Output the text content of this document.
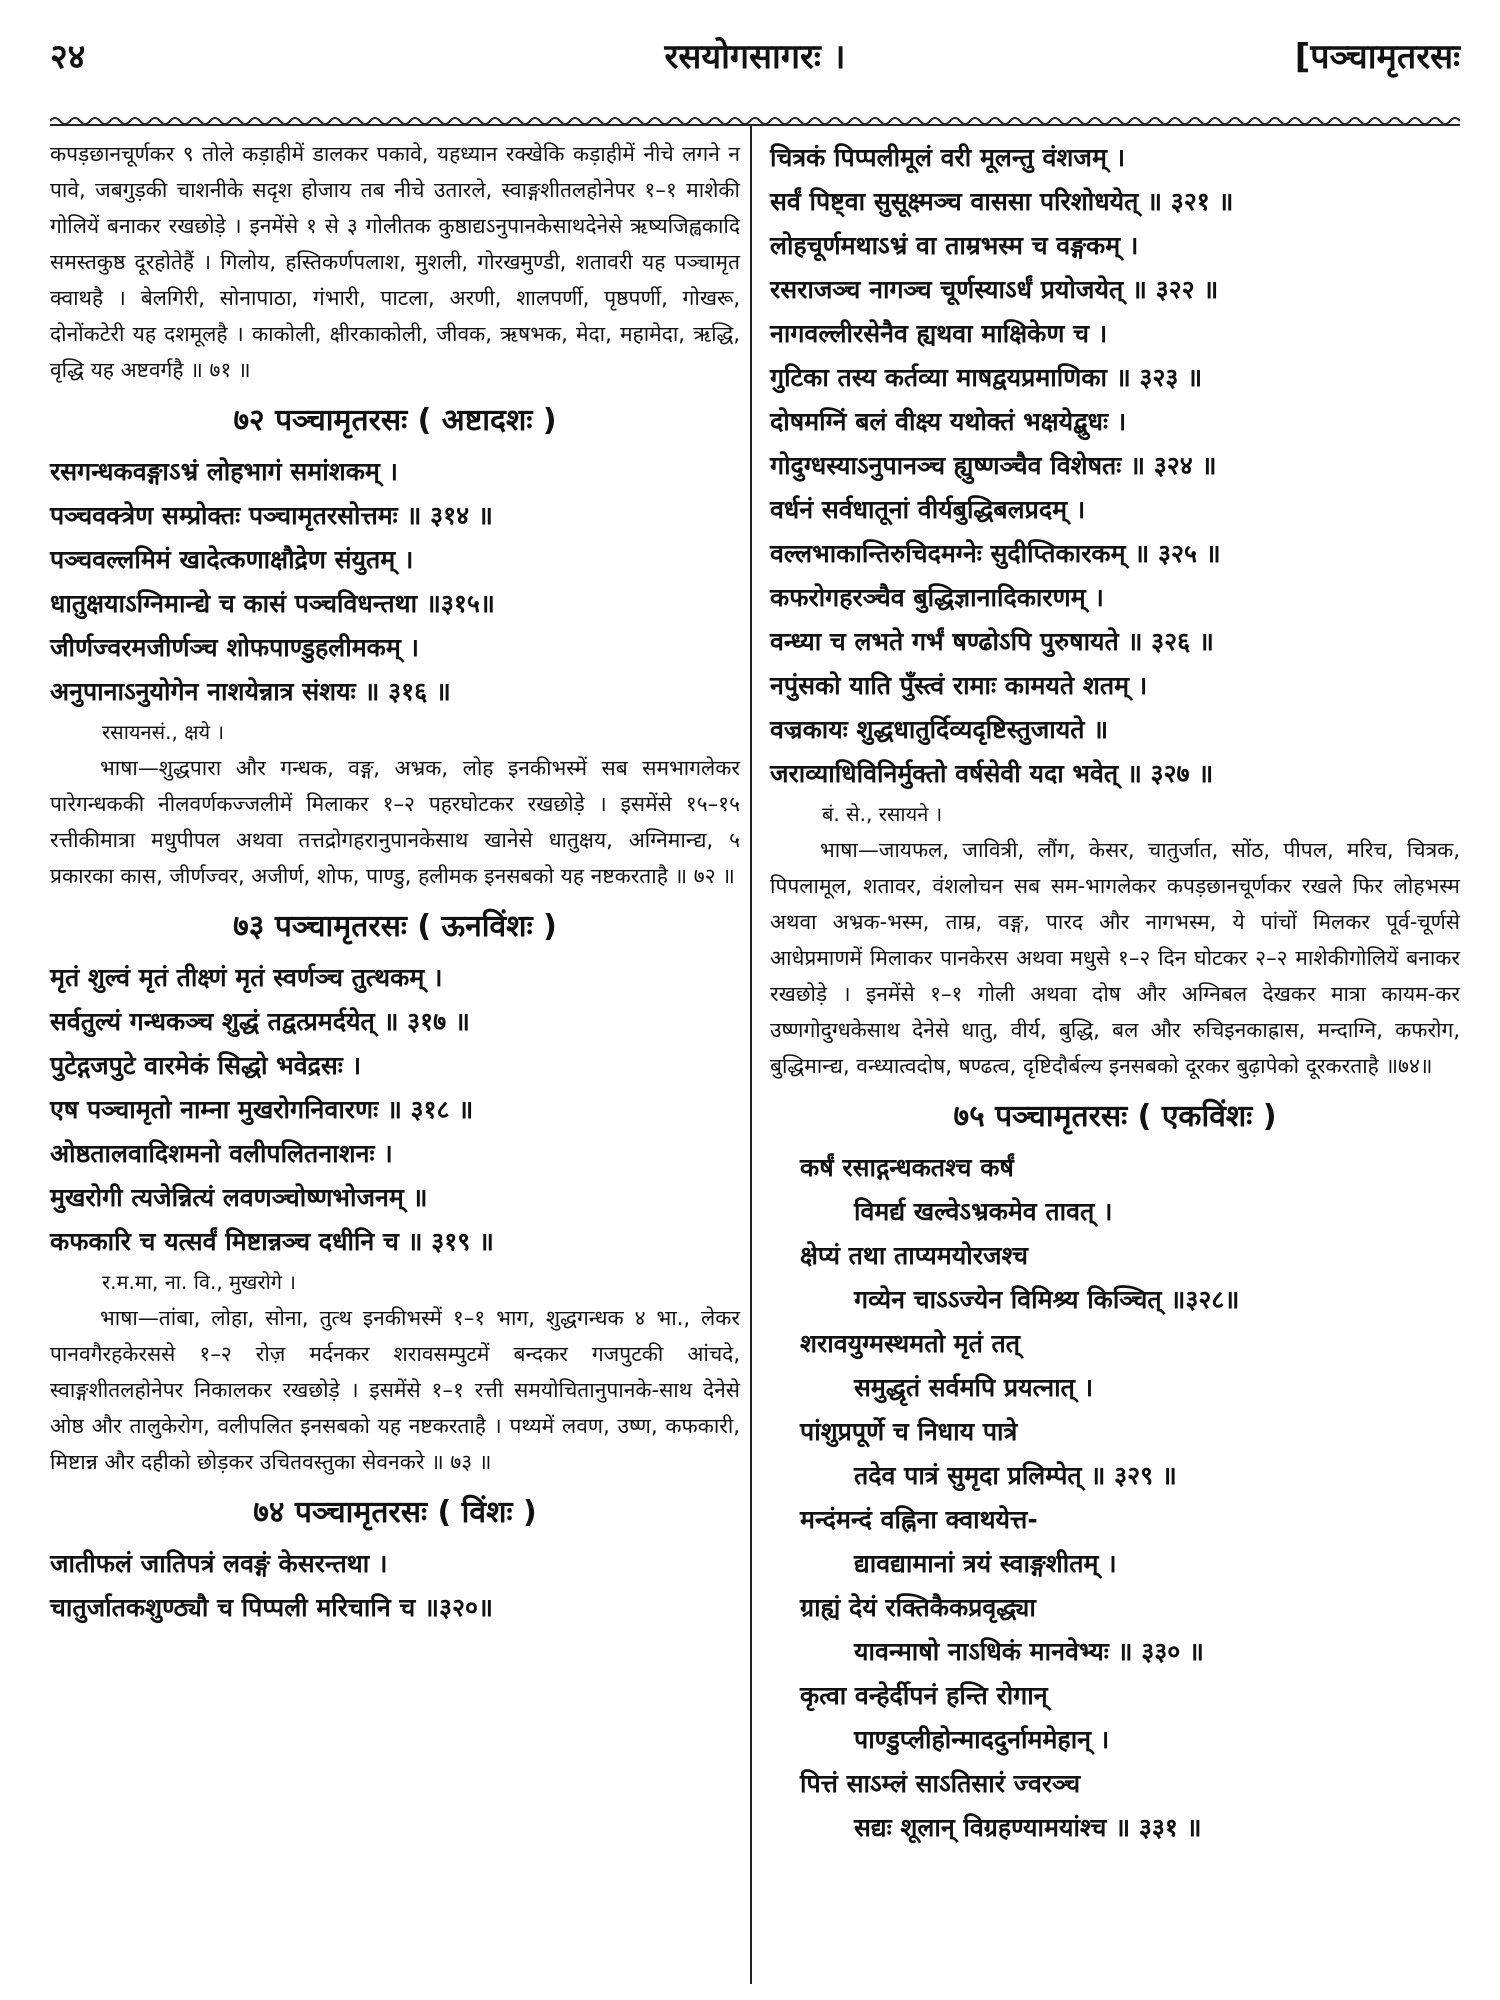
२४	रसयोगसागरः ।	[पञ्चामृतरसः

कपड़छानचूर्णकर ९ तोले कड़ाहीमें डालकर पकावे, यहध्यान रक्खेकि कड़ाहीमें नीचे लगने न पावे, जबगुड़की चाशनीके सदृश होजाय तब नीचे उतारले, स्वाङ्गशीतलहोनेपर १–१ माशेकी गोलियें बनाकर रखछोड़े । इनमेंसे १ से ३ गोलीतक कुष्ठाद्यऽनुपानकेसाथदेनेसे ऋष्यजिह्वकादि समस्तकुष्ठ दूरहोतेहैं । गिलोय, हस्तिकर्णपलाश, मुशली, गोरखमुण्डी, शतावरी यह पञ्चामृत क्वाथहै । बेलगिरी, सोनापाठा, गंभारी, पाटला, अरणी, शालपर्णी, पृष्ठपर्णी, गोखरू, दोनोंकटेरी यह दशमूलहै । काकोली, क्षीरकाकोली, जीवक, ऋषभक, मेदा, महामेदा, ऋद्धि, वृद्धि यह अष्टवर्गहै ॥ ७१ ॥

७२ पञ्चामृतरसः ( अष्टादशः )

रसगन्धकवङ्गाऽभ्रं लोहभागं समांशकम् ।

पञ्चवक्त्रेण सम्प्रोक्तः पञ्चामृतरसोत्तमः ॥ ३१४ ॥

पञ्चवल्लमिमं खादेत्कणाक्षौद्रेण संयुतम् ।

धातुक्षयाऽग्निमान्द्ये च कासं पञ्चविधन्तथा ॥३१५॥

जीर्णज्वरमजीर्णञ्च शोफपाण्डुहलीमकम् ।

अनुपानाऽनुयोगेन नाशयेन्नात्र संशयः ॥ ३१६ ॥

रसायनसं., क्षये ।

भाषा—शुद्धपारा और गन्धक, वङ्ग, अभ्रक, लोह इनकीभस्में सब समभागलेकर पारेगन्धककी नीलवर्णकज्जलीमें मिलाकर १–२ पहरघोटकर रखछोड़े । इसमेंसे १५–१५ रत्तीकीमात्रा मधुपीपल अथवा तत्तद्रोगहरानुपानकेसाथ खानेसे धातुक्षय, अग्निमान्द्य, ५ प्रकारका कास, जीर्णज्वर, अजीर्ण, शोफ, पाण्डु, हलीमक इनसबको यह नष्टकरताहै ॥ ७२ ॥

७३ पञ्चामृतरसः ( ऊनविंशः )

मृतं शुल्वं मृतं तीक्ष्णं मृतं स्वर्णञ्च तुत्थकम् ।

सर्वतुल्यं गन्धकञ्च शुद्धं तद्वत्प्रमर्दयेत् ॥ ३१७ ॥

पुटेद्गजपुटे वारमेकं सिद्धो भवेद्रसः ।

एष पञ्चामृतो नाम्ना मुखरोगनिवारणः ॥ ३१८ ॥

ओष्ठतालवादिशमनो वलीपलितनाशनः ।

मुखरोगी त्यजेन्नित्यं लवणञ्चोष्णभोजनम् ॥

कफकारि च यत्सर्वं मिष्टान्नञ्च दधीनि च ॥ ३१९ ॥

र.म.मा, ना. वि., मुखरोगे ।

भाषा—तांबा, लोहा, सोना, तुत्थ इनकीभस्में १–१ भाग, शुद्धगन्धक ४ भा., लेकर पानवगैरहकेरससे १–२ रोज़ मर्दनकर शरावसम्पुटमें बन्दकर गजपुटकी आंचदे, स्वाङ्गशीतलहोनेपर निकालकर रखछोड़े । इसमेंसे १–१ रत्ती समयोचितानुपानके-साथ देनेसे ओष्ठ और तालुकेरोग, वलीपलित इनसबको यह नष्टकरताहै । पथ्यमें लवण, उष्ण, कफकारी, मिष्टान्न और दहीको छोड़कर उचितवस्तुका सेवनकरे ॥ ७३ ॥

७४ पञ्चामृतरसः ( विंशः )

जातीफलं जातिपत्रं लवङ्गं केसरन्तथा ।

चातुर्जातकशुण्ठ्यौ च पिप्पली मरिचानि च ॥३२०॥

चित्रकं पिप्पलीमूलं वरी मूलन्तु वंशजम् ।

सर्वं पिष्ट्वा सुसूक्ष्मञ्च वाससा परिशोधयेत् ॥ ३२१ ॥

लोहचूर्णमथाऽभ्रं वा ताम्रभस्म च वङ्गकम् ।

रसराजञ्च नागञ्च चूर्णस्याऽर्धं प्रयोजयेत् ॥ ३२२ ॥

नागवल्लीरसेनैव ह्यथवा माक्षिकेण च ।

गुटिका तस्य कर्तव्या माषद्वयप्रमाणिका ॥ ३२३ ॥

दोषमग्निं बलं वीक्ष्य यथोक्तं भक्षयेद्बुधः ।

गोदुग्धस्याऽनुपानञ्च ह्युष्णञ्चैव विशेषतः ॥ ३२४ ॥

वर्धनं सर्वधातूनां वीर्यबुद्धिबलप्रदम् ।

वल्लभाकान्तिरुचिदमग्नेः सुदीप्तिकारकम् ॥ ३२५ ॥

कफरोगहरञ्चैव बुद्धिज्ञानादिकारणम् ।

वन्ध्या च लभते गर्भं षण्ढोऽपि पुरुषायते ॥ ३२६ ॥

नपुंसको याति पुँस्त्वं रामाः कामयते शतम् ।

वज्रकायः शुद्धधातुर्दिव्यदृष्टिस्तुजायते ॥

जराव्याधिविनिर्मुक्तो वर्षसेवी यदा भवेत् ॥ ३२७ ॥

बं. से., रसायने ।

भाषा—जायफल, जावित्री, लौंग, केसर, चातुर्जात, सोंठ, पीपल, मरिच, चित्रक, पिपलामूल, शतावर, वंशलोचन सब सम-भागलेकर कपड़छानचूर्णकर रखले फिर लोहभस्म अथवा अभ्रक-भस्म, ताम्र, वङ्ग, पारद और नागभस्म, ये पांचों मिलकर पूर्व-चूर्णसे आधेप्रमाणमें मिलाकर पानकेरस अथवा मधुसे १–२ दिन घोटकर २–२ माशेकीगोलियें बनाकर रखछोड़े । इनमेंसे १–१ गोली अथवा दोष और अग्निबल देखकर मात्रा कायम-कर उष्णगोदुग्धकेसाथ देनेसे धातु, वीर्य, बुद्धि, बल और रुचिइनकाह्रास, मन्दाग्नि, कफरोग, बुद्धिमान्द्य, वन्ध्यात्वदोष, षण्ढत्व, दृष्टिदौर्बल्य इनसबको दूरकर बुढ़ापेको दूरकरताहै ॥७४॥

७५ पञ्चामृतरसः ( एकविंशः )

कर्षं रसाद्गन्धकतश्च कर्षं

विमर्द्य खल्वेऽभ्रकमेव तावत् ।

क्षेप्यं तथा ताप्यमयोरजश्च

गव्येन चाऽऽज्येन विमिश्र्य किञ्चित् ॥३२८॥

शरावयुग्मस्थमतो मृतं तत्

समुद्धृतं सर्वमपि प्रयत्नात् ।

पांशुप्रपूर्णे च निधाय पात्रे

तदेव पात्रं सुमृदा प्रलिम्पेत् ॥ ३२९ ॥

मन्दंमन्दं वह्निना क्वाथयेत्त-

द्यावद्यामानां त्रयं स्वाङ्गशीतम् ।

ग्राह्यं देयं रक्तिकैकप्रवृद्ध्या

यावन्माषो नाऽधिकं मानवेभ्यः ॥ ३३० ॥

कृत्वा वन्हेर्दीपनं हन्ति रोगान्

पाण्डुप्लीहोन्माददुर्नाममेहान् ।

पित्तं साऽम्लं साऽतिसारं ज्वरञ्च

सद्यः शूलान् विग्रहण्यामयांश्च ॥ ३३१ ॥
